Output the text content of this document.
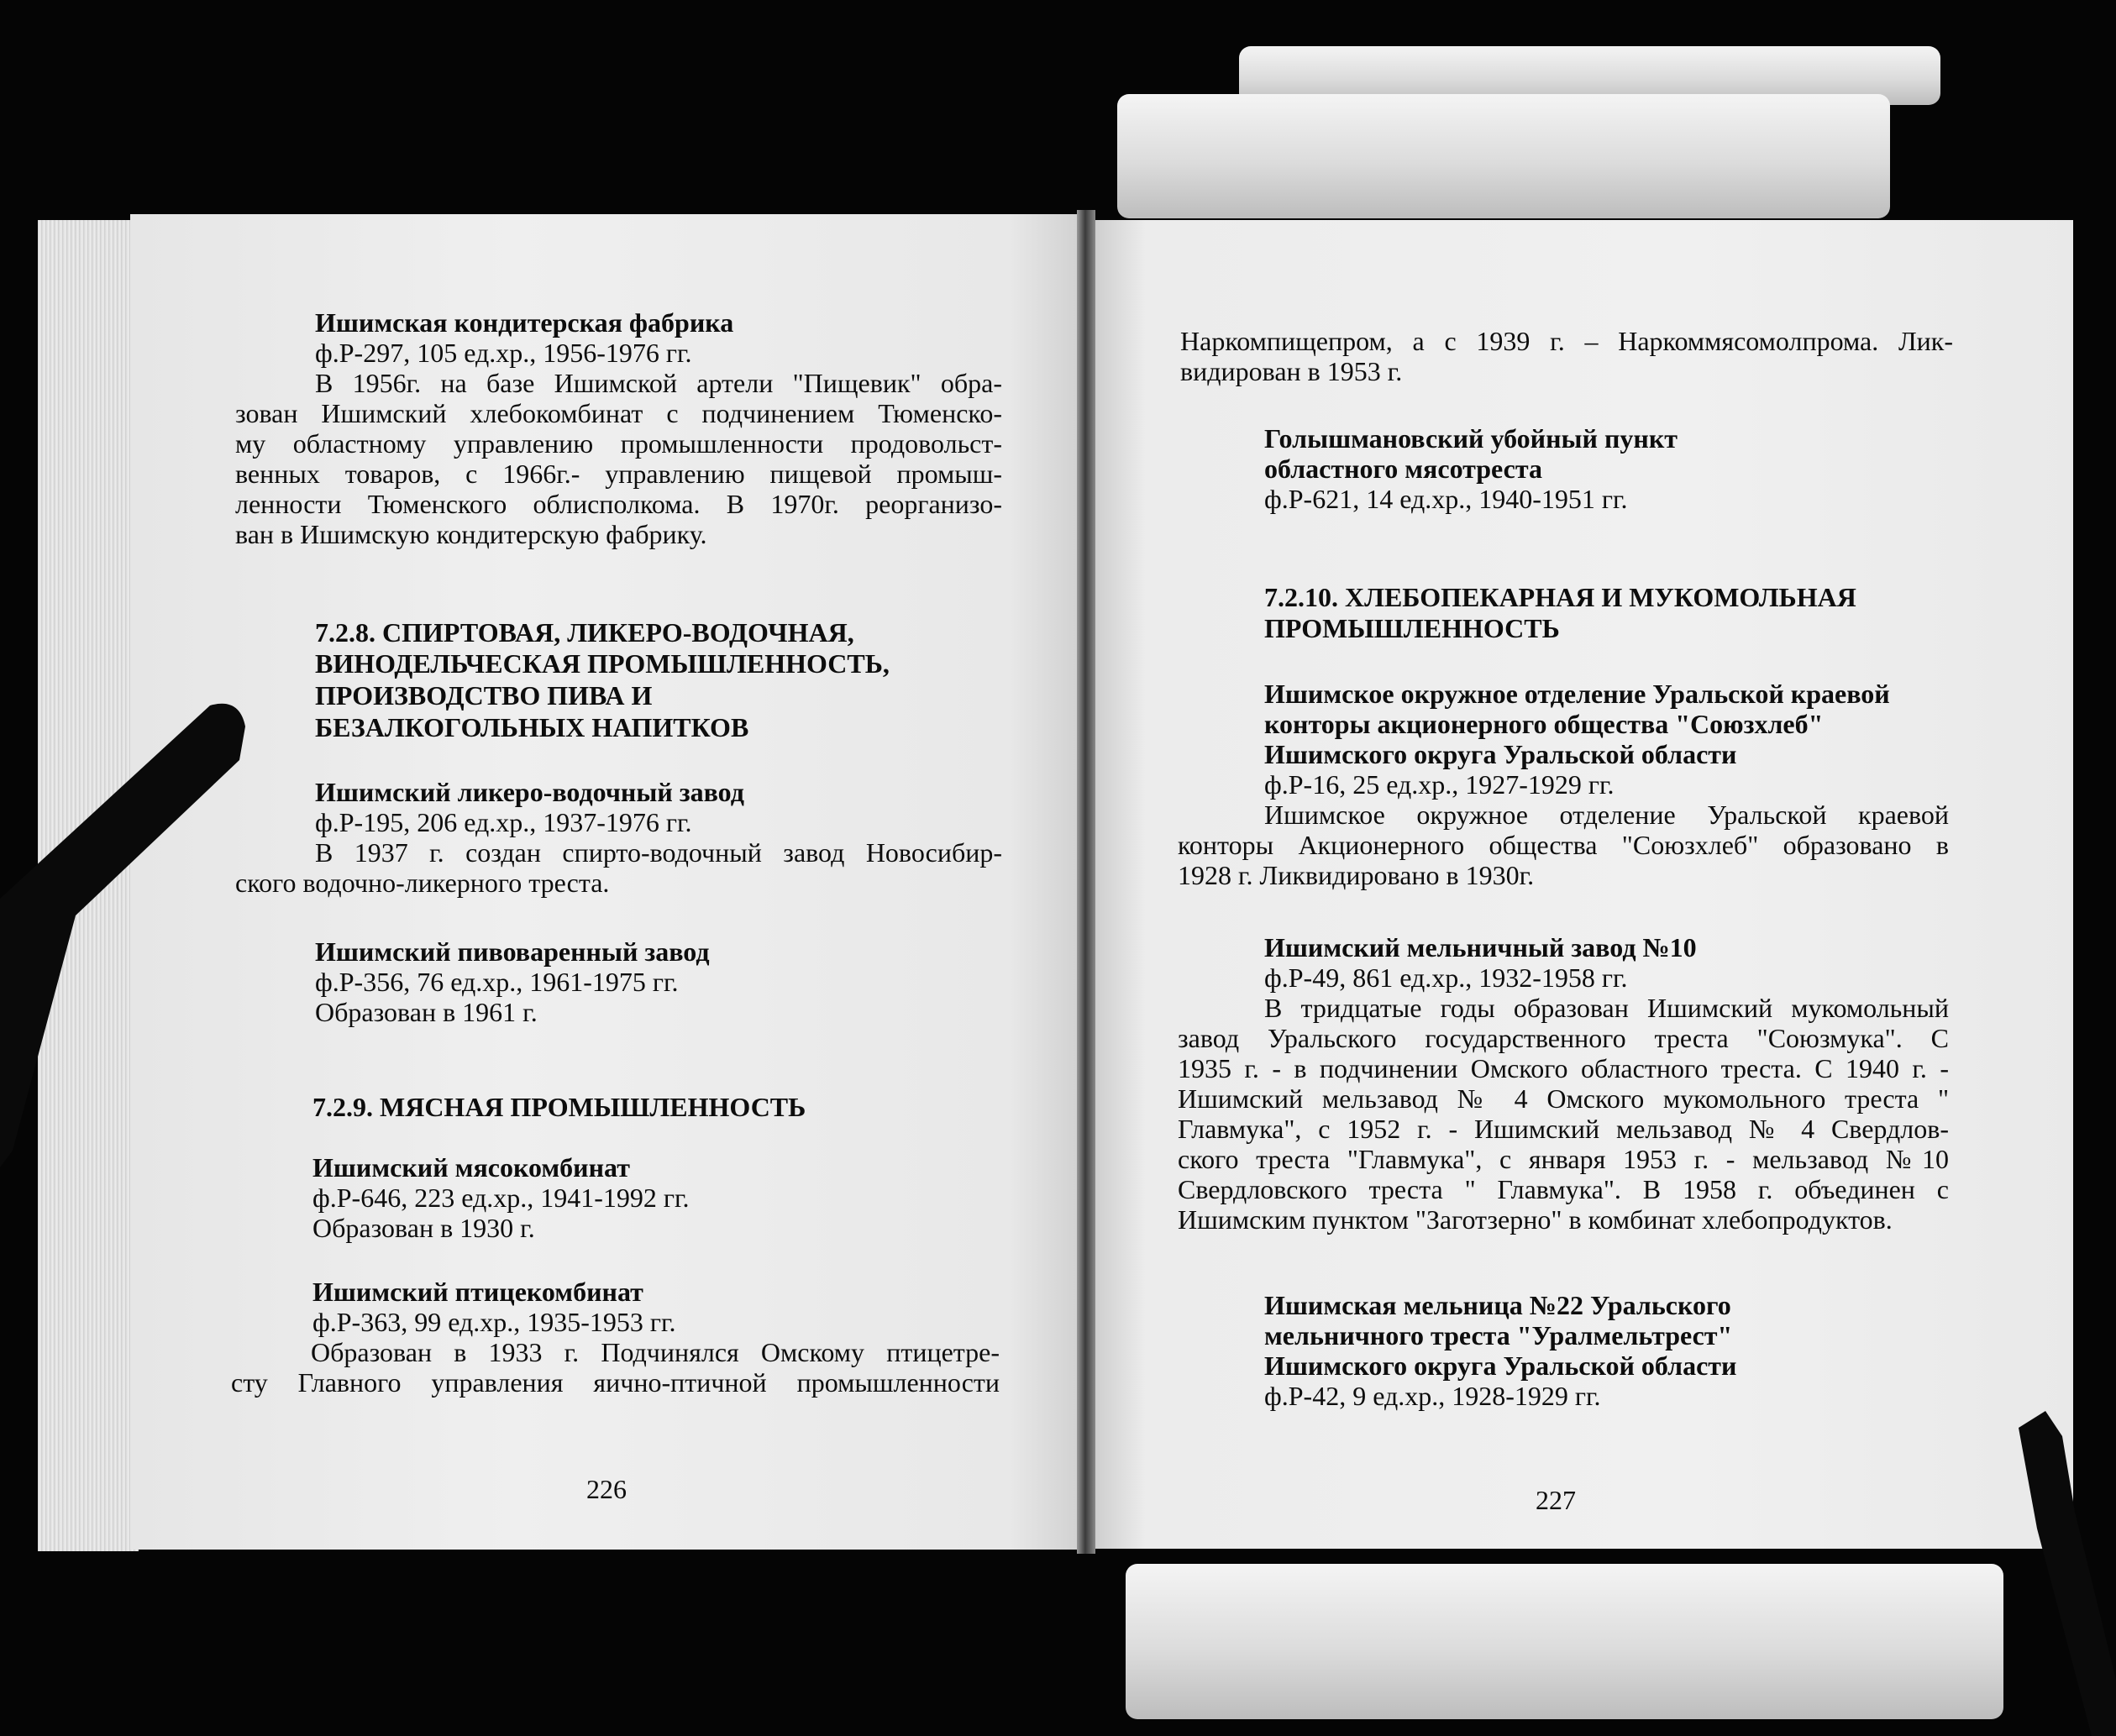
Ишимская кондитерская фабрика
ф.Р-297, 105 ед.хр., 1956-1976 гг.
В 1956г. на базе Ишимской артели "Пищевик" обра-
зован Ишимский хлебокомбинат с подчинением Тюменско-
му областному управлению промышленности продовольст-
венных товаров, с 1966г.- управлению пищевой промыш-
ленности Тюменского облисполкома. В 1970г. реорганизо-
ван в Ишимскую кондитерскую фабрику.
7.2.8. СПИРТОВАЯ, ЛИКЕРО-ВОДОЧНАЯ,
ВИНОДЕЛЬЧЕСКАЯ ПРОМЫШЛЕННОСТЬ,
ПРОИЗВОДСТВО ПИВА И
БЕЗАЛКОГОЛЬНЫХ НАПИТКОВ
Ишимский ликеро-водочный завод
ф.Р-195, 206 ед.хр., 1937-1976 гг.
В 1937 г. создан спирто-водочный завод Новосибир-
ского водочно-ликерного треста.
Ишимский пивоваренный завод
ф.Р-356, 76 ед.хр., 1961-1975 гг.
Образован в 1961 г.
7.2.9. МЯСНАЯ ПРОМЫШЛЕННОСТЬ
Ишимский мясокомбинат
ф.Р-646, 223 ед.хр., 1941-1992 гг.
Образован в 1930 г.
Ишимский птицекомбинат
ф.Р-363, 99 ед.хр., 1935-1953 гг.
Образован в 1933 г. Подчинялся Омскому птицетре-
сту Главного управления яично-птичной промышленности
226
Наркомпищепром, а с 1939 г. – Наркоммясомолпрома. Лик-
видирован в 1953 г.
Голышмановский убойный пункт
областного мясотреста
ф.Р-621, 14 ед.хр., 1940-1951 гг.
7.2.10. ХЛЕБОПЕКАРНАЯ И МУКОМОЛЬНАЯ
ПРОМЫШЛЕННОСТЬ
Ишимское окружное отделение Уральской краевой
конторы акционерного общества "Союзхлеб"
Ишимского округа Уральской области
ф.Р-16, 25 ед.хр., 1927-1929 гг.
Ишимское окружное отделение Уральской краевой
конторы Акционерного общества "Союзхлеб" образовано в
1928 г. Ликвидировано в 1930г.
Ишимский мельничный завод №10
ф.Р-49, 861 ед.хр., 1932-1958 гг.
В тридцатые годы образован Ишимский мукомольный
завод Уральского государственного треста "Союзмука". С
1935 г. - в подчинении Омского областного треста. С 1940 г. -
Ишимский мельзавод № 4 Омского мукомольного треста "
Главмука", с 1952 г. - Ишимский мельзавод № 4 Свердлов-
ского треста "Главмука", с января 1953 г. - мельзавод №10
Свердловского треста " Главмука". В 1958 г. объединен с
Ишимским пунктом "Заготзерно" в комбинат хлебопродуктов.
Ишимская мельница №22 Уральского
мельничного треста "Уралмельтрест"
Ишимского округа Уральской области
ф.Р-42, 9 ед.хр., 1928-1929 гг.
227
